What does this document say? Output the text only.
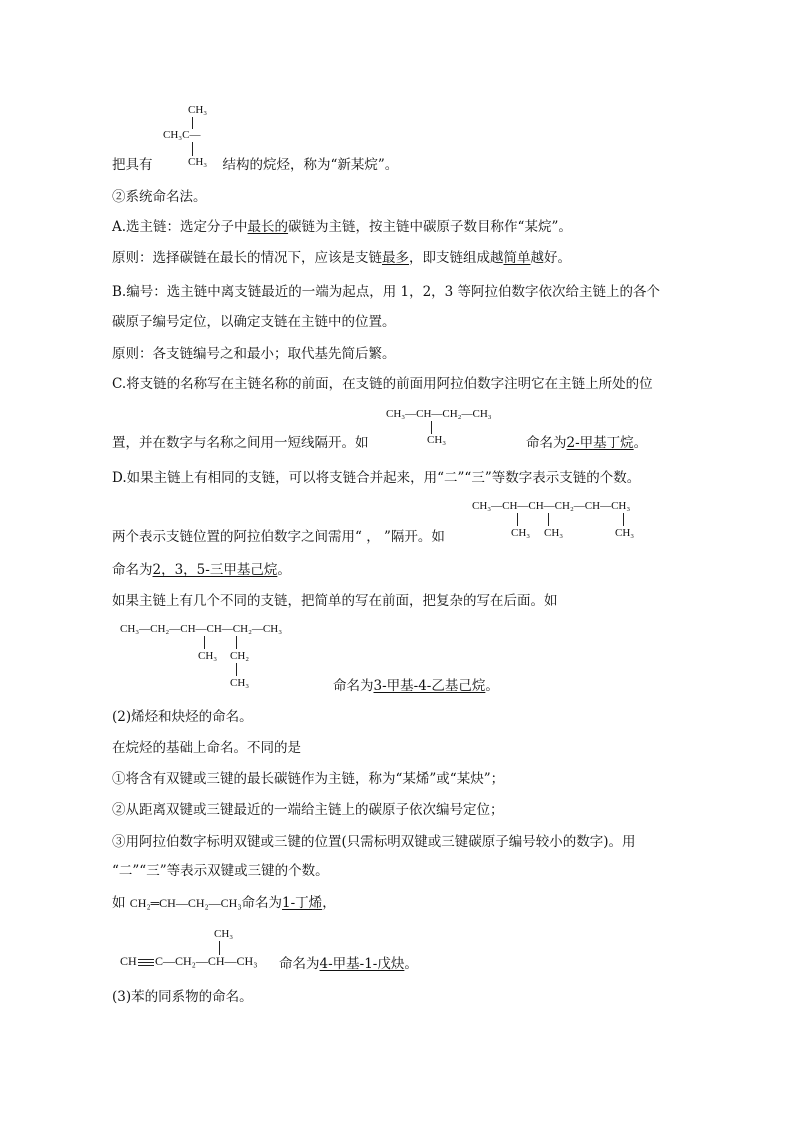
CH₃
CH₃C—
CH₃
把具有	结构的烷烃，称为“新某烷”。
②系统命名法。
A.选主链：选定分子中最长的碳链为主链，按主链中碳原子数目称作“某烷”。
原则：选择碳链在最长的情况下，应该是支链最多，即支链组成越简单越好。
B.编号：选主链中离支链最近的一端为起点，用 1，2，3 等阿拉伯数字依次给主链上的各个
碳原子编号定位，以确定支链在主链中的位置。
原则：各支链编号之和最小；取代基先简后繁。
C.将支链的名称写在主链名称的前面，在支链的前面用阿拉伯数字注明它在主链上所处的位
CH₃—CH—CH₂—CH₃
CH₃
置，并在数字与名称之间用一短线隔开。如	命名为2-甲基丁烷。
D.如果主链上有相同的支链，可以将支链合并起来，用“二”“三”等数字表示支链的个数。
CH₃—CH—CH—CH₂—CH—CH₃
CH₃ CH₃	CH₃
两个表示支链位置的阿拉伯数字之间需用“ ， ”隔开。如
命名为2，3，5-三甲基己烷。
如果主链上有几个不同的支链，把简单的写在前面，把复杂的写在后面。如
CH₃—CH₂—CH—CH—CH₂—CH₃
CH₃ CH₂
CH₃	命名为3-甲基-4-乙基己烷。
(2)烯烃和炔烃的命名。
在烷烃的基础上命名。不同的是
①将含有双键或三键的最长碳链作为主链，称为“某烯”或“某炔”；
②从距离双键或三键最近的一端给主链上的碳原子依次编号定位；
③用阿拉伯数字标明双键或三键的位置(只需标明双键或三键碳原子编号较小的数字)。用
“二”“三”等表示双键或三键的个数。
如 CH₂═CH—CH₂—CH₃命名为1-丁烯，
CH₃
CH C—CH₂—CH—CH₃ 命名为4-甲基-1-戊炔。
(3)苯的同系物的命名。
